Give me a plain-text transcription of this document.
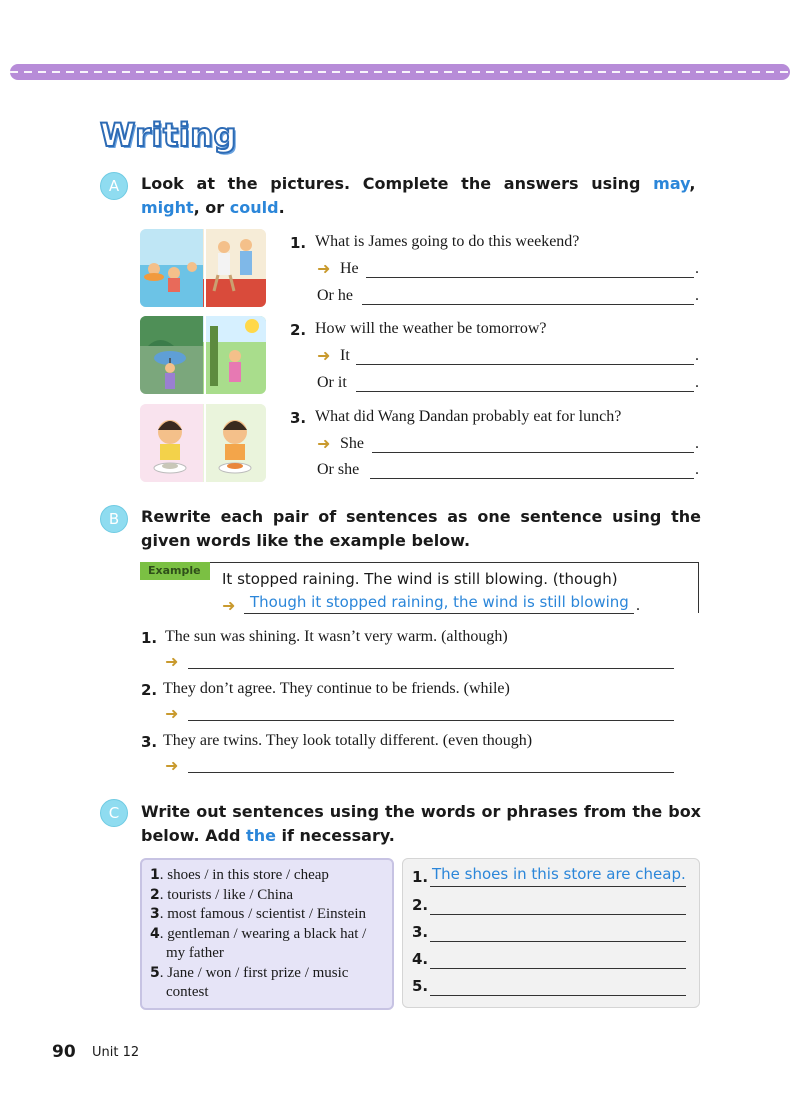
Writing
A	Look at the pictures. Complete the answers using may,  might, or could.
1. What is James going to do this weekend?
➜ He	.
Or he	.
2. How will the weather be tomorrow?
➜ It	.
Or it	.
3. What did Wang Dandan probably eat for lunch?
➜ She	.
Or she	.
B	Rewrite each pair of sentences as one sentence using the given words like the example below.
Example	It stopped raining. The wind is still blowing. (though)
➜ Though it stopped raining, the wind is still blowing .
1. The sun was shining. It wasn’t very warm. (although)
➜
2. They don’t agree. They continue to be friends. (while)
➜
3. They are twins. They look totally different. (even though)
➜
C	Write out sentences using the words or phrases from the box below. Add the if necessary.
1. shoes / in this store / cheap
2. tourists / like / China
3. most famous / scientist / Einstein
4. gentleman / wearing a black hat /
my father
5. Jane / won / first prize / music
contest
1. The shoes in this store are cheap.
2.
3.
4.
5.
90 Unit 12
